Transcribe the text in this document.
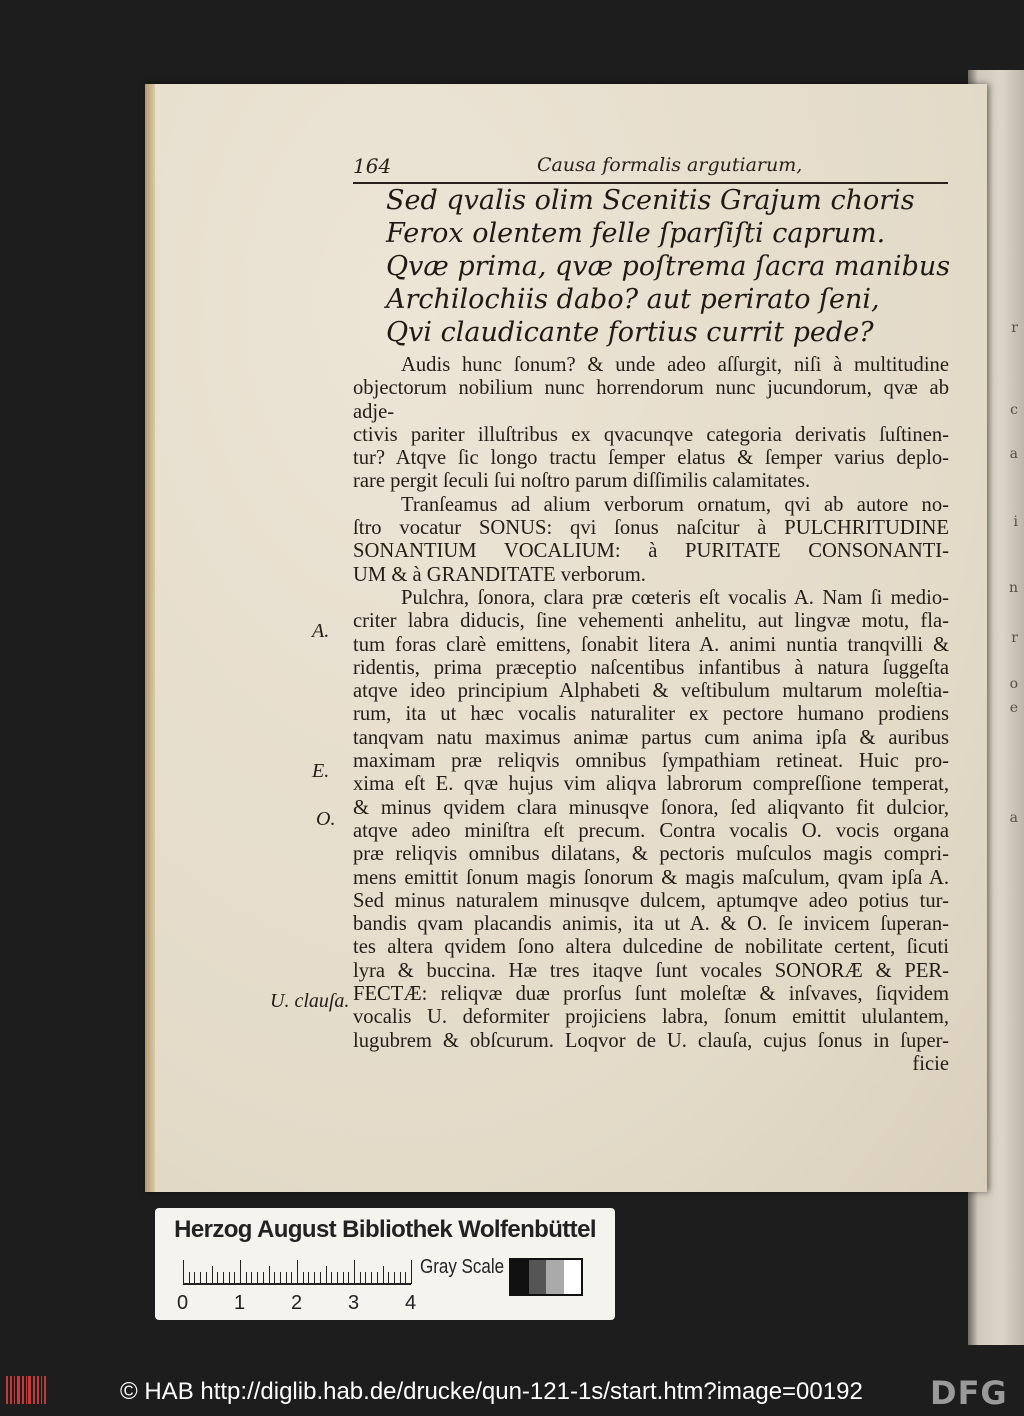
r
c
a
i
n
r
o
e
a
164	Causa formalis argutiarum,
Sed qvalis olim Scenitis Grajum choris
Ferox olentem felle ſparſiſti caprum.
Qvæ prima, qvæ poſtrema ſacra manibus
Archilochiis dabo? aut perirato ſeni,
Qvi claudicante fortius currit pede?
Audis hunc ſonum? & unde adeo aſſurgit, niſi à multitudine
objectorum nobilium nunc horrendorum nunc jucundorum, qvæ ab adje-
ctivis pariter illuſtribus ex qvacunqve categoria derivatis ſuſtinen-
tur? Atqve ſic longo tractu ſemper elatus & ſemper varius deplo-
rare pergit ſeculi ſui noſtro parum diſſimilis calamitates.
Tranſeamus ad alium verborum ornatum, qvi ab autore no-
ſtro vocatur SONUS: qvi ſonus naſcitur à PULCHRITUDINE
SONANTIUM VOCALIUM: à PURITATE CONSONANTI-
UM & à GRANDITATE verborum.
Pulchra, ſonora, clara præ cœteris eſt vocalis A. Nam ſi medio-
criter labra diducis, ſine vehementi anhelitu, aut lingvæ motu, fla-
tum foras clarè emittens, ſonabit litera A. animi nuntia tranqvilli &
ridentis, prima præceptio naſcentibus infantibus à natura ſuggeſta
atqve ideo principium Alphabeti & veſtibulum multarum moleſtia-
rum, ita ut hæc vocalis naturaliter ex pectore humano prodiens
tanqvam natu maximus animæ partus cum anima ipſa & auribus
maximam præ reliqvis omnibus ſympathiam retineat. Huic pro-
xima eſt E. qvæ hujus vim aliqva labrorum compreſſione temperat,
& minus qvidem clara minusqve ſonora, ſed aliqvanto fit dulcior,
atqve adeo miniſtra eſt precum. Contra vocalis O. vocis organa
præ reliqvis omnibus dilatans, & pectoris muſculos magis compri-
mens emittit ſonum magis ſonorum & magis maſculum, qvam ipſa A.
Sed minus naturalem minusqve dulcem, aptumqve adeo potius tur-
bandis qvam placandis animis, ita ut A. & O. ſe invicem ſuperan-
tes altera qvidem ſono altera dulcedine de nobilitate certent, ſicuti
lyra & buccina. Hæ tres itaqve ſunt vocales SONORÆ & PER-
FECTÆ: reliqvæ duæ prorſus ſunt moleſtæ & inſvaves, ſiqvidem
vocalis U. deformiter projiciens labra, ſonum emittit ululantem,
lugubrem & obſcurum. Loqvor de U. clauſa, cujus ſonus in ſuper-
ficie
A.
E.
O.
U. clauſa.
Herzog August Bibliothek Wolfenbüttel
0 1 2 3 4
Gray Scale
© HAB http://diglib.hab.de/drucke/qun-121-1s/start.htm?image=00192 DFG
